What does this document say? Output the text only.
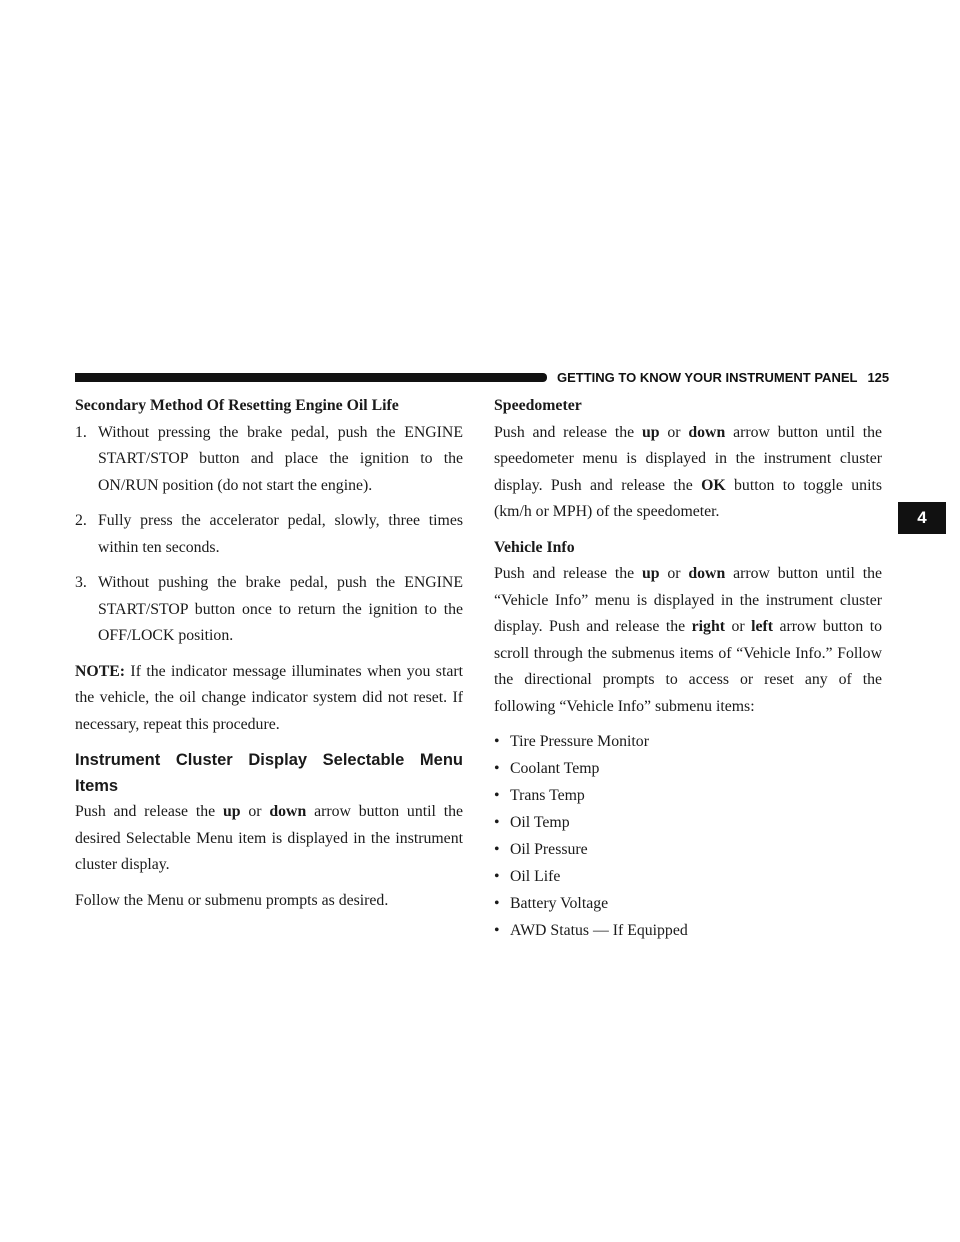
GETTING TO KNOW YOUR INSTRUMENT PANEL 125
4

Secondary Method Of Resetting Engine Oil Life

1. Without pressing the brake pedal, push the ENGINE START/STOP button and place the ignition to the ON/RUN position (do not start the engine).
2. Fully press the accelerator pedal, slowly, three times within ten seconds.
3. Without pushing the brake pedal, push the ENGINE START/STOP button once to return the ignition to the OFF/LOCK position.

NOTE: If the indicator message illuminates when you start the vehicle, the oil change indicator system did not reset. If necessary, repeat this procedure.

Instrument Cluster Display Selectable Menu Items

Push and release the up or down arrow button until the desired Selectable Menu item is displayed in the instrument cluster display.

Follow the Menu or submenu prompts as desired.

Speedometer

Push and release the up or down arrow button until the speedometer menu is displayed in the instrument cluster display. Push and release the OK button to toggle units (km/h or MPH) of the speedometer.

Vehicle Info

Push and release the up or down arrow button until the “Vehicle Info” menu is displayed in the instrument cluster display. Push and release the right or left arrow button to scroll through the submenus items of “Vehicle Info.” Follow the directional prompts to access or reset any of the following “Vehicle Info” submenu items:

• Tire Pressure Monitor
• Coolant Temp
• Trans Temp
• Oil Temp
• Oil Pressure
• Oil Life
• Battery Voltage
• AWD Status — If Equipped
